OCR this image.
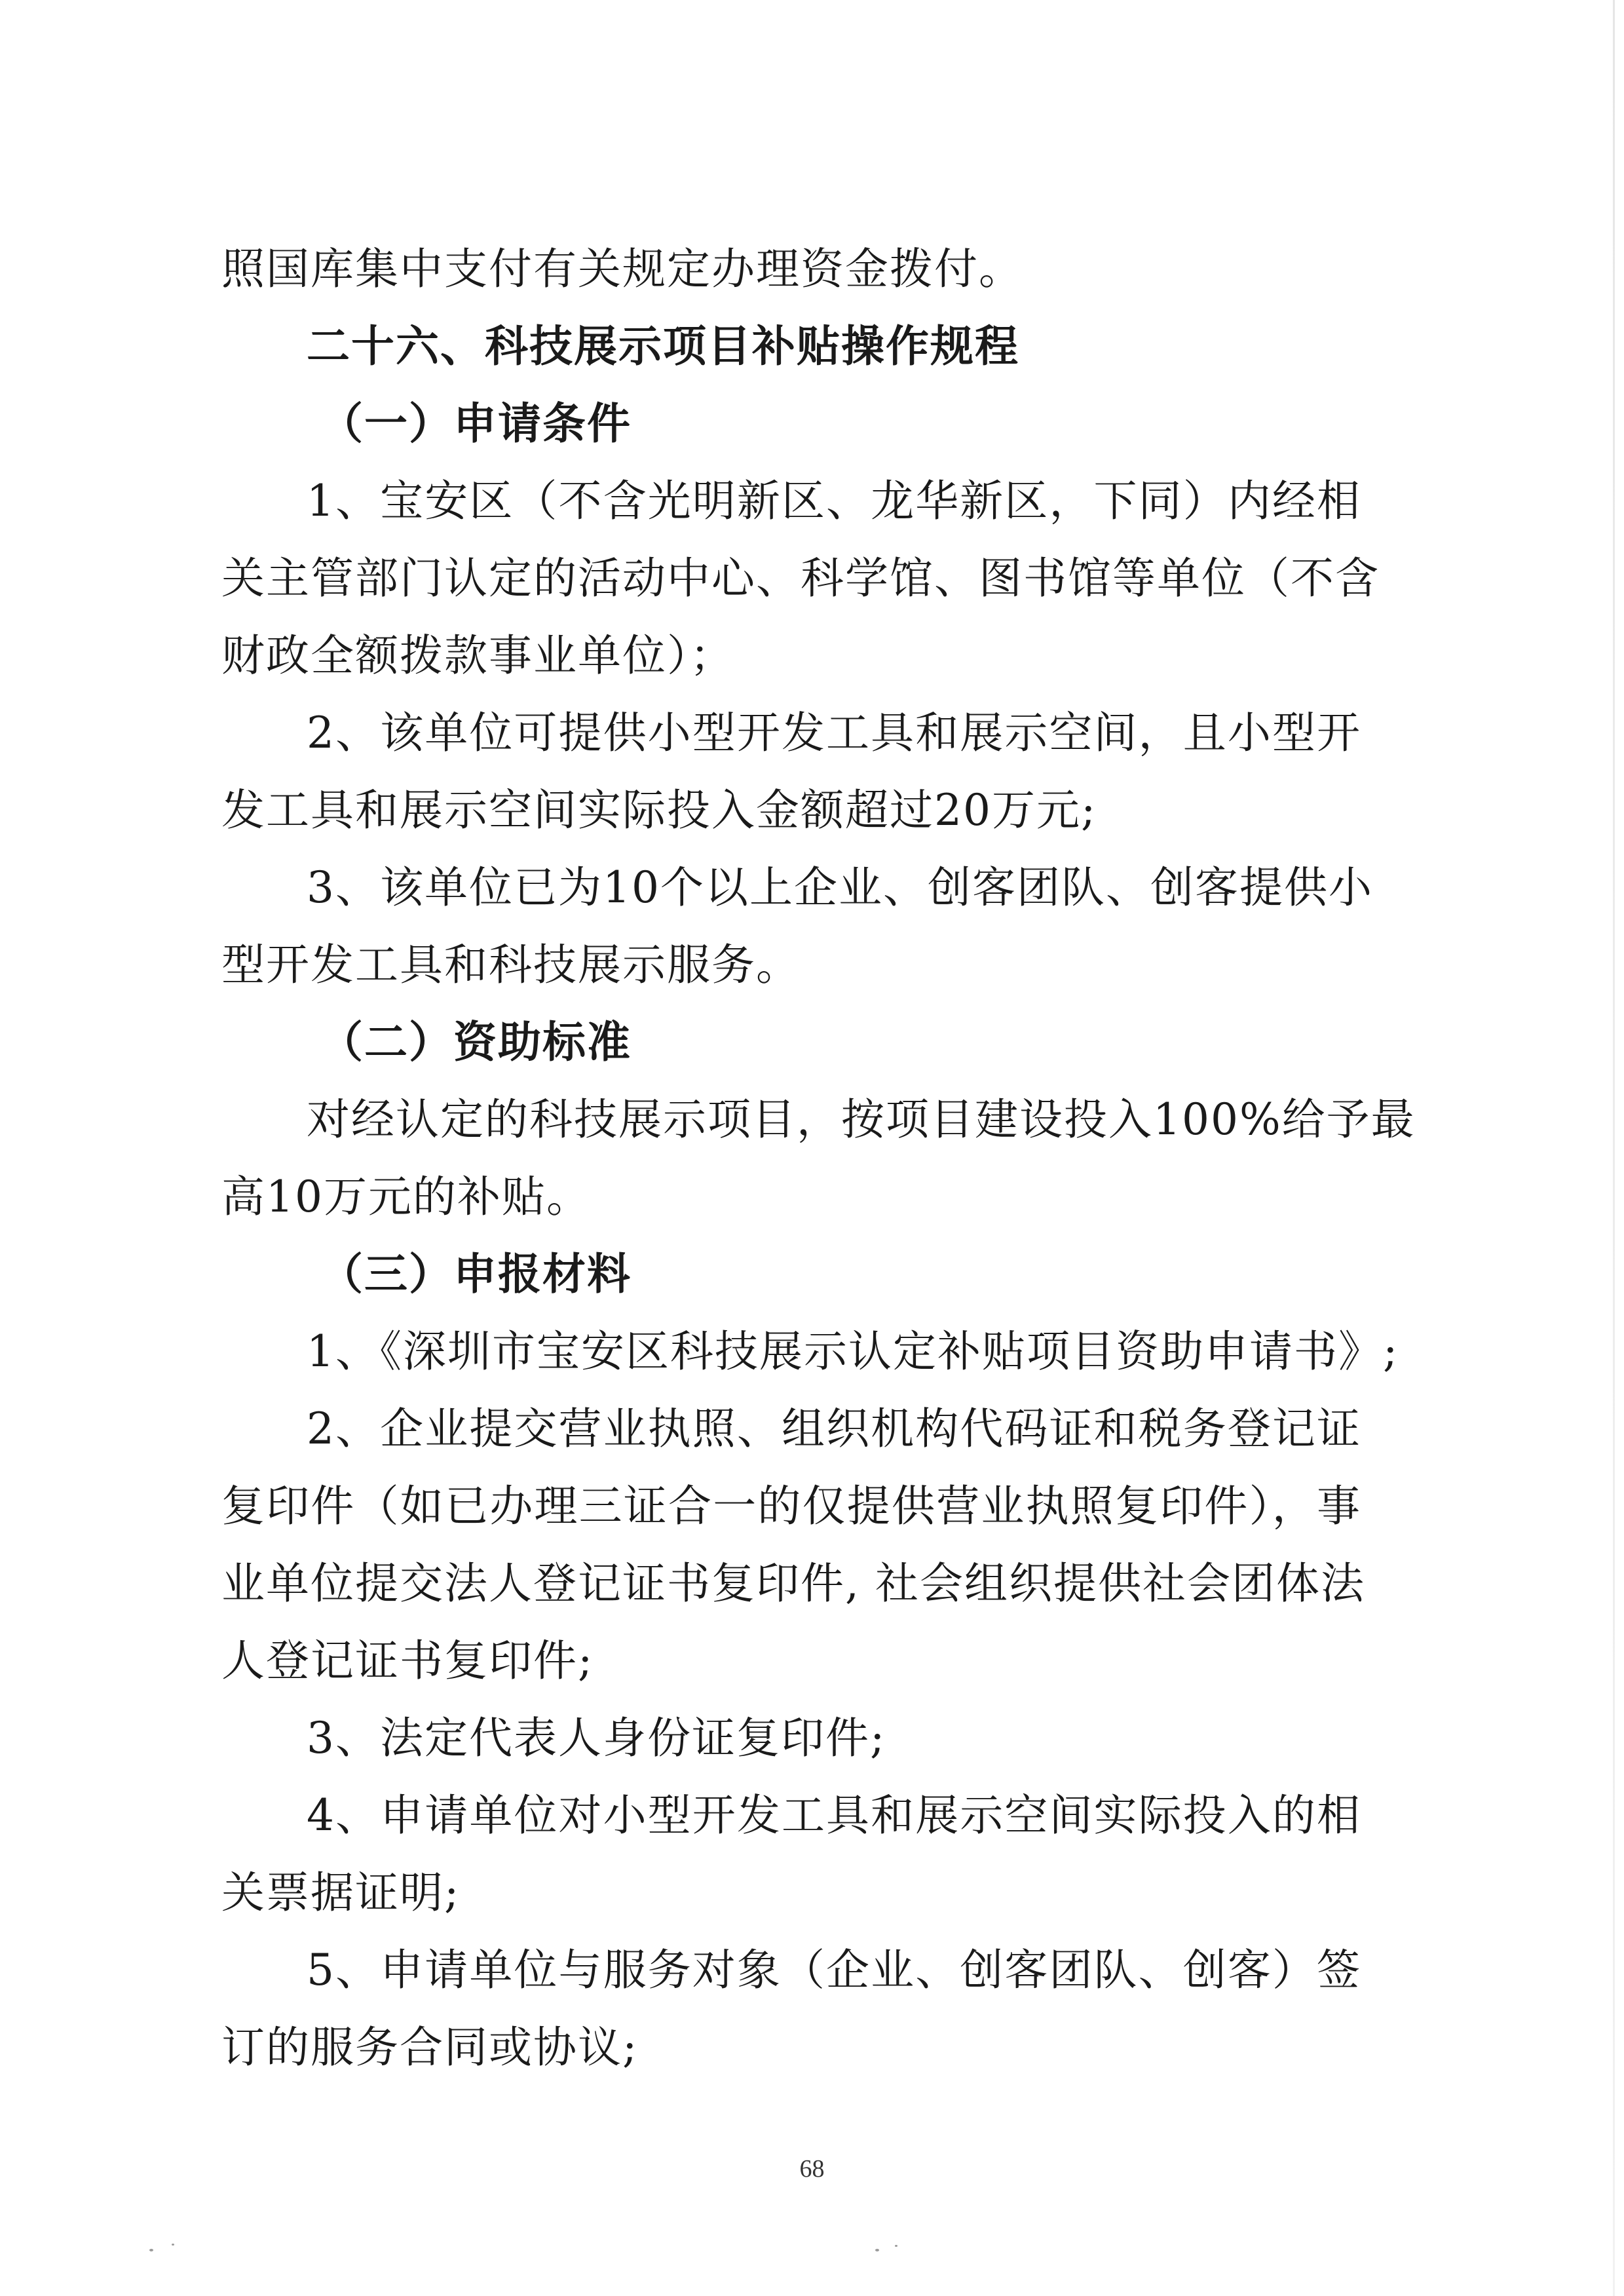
照国库集中支付有关规定办理资金拨付。
二十六、科技展示项目补贴操作规程
（一）申请条件
1、宝安区（不含光明新区、龙华新区，下同）内经相
关主管部门认定的活动中心、科学馆、图书馆等单位（不含
财政全额拨款事业单位）；
2、该单位可提供小型开发工具和展示空间，且小型开
发工具和展示空间实际投入金额超过20万元;
3、该单位已为10个以上企业、创客团队、创客提供小
型开发工具和科技展示服务。
（二）资助标准
对经认定的科技展示项目，按项目建设投入100%给予最
高10万元的补贴。
（三）申报材料
1、《深圳市宝安区科技展示认定补贴项目资助申请书》;
2、企业提交营业执照、组织机构代码证和税务登记证
复印件（如已办理三证合一的仅提供营业执照复印件），事
业单位提交法人登记证书复印件, 社会组织提供社会团体法
人登记证书复印件;
3、法定代表人身份证复印件;
4、申请单位对小型开发工具和展示空间实际投入的相
关票据证明;
5、申请单位与服务对象（企业、创客团队、创客）签
订的服务合同或协议;
68
